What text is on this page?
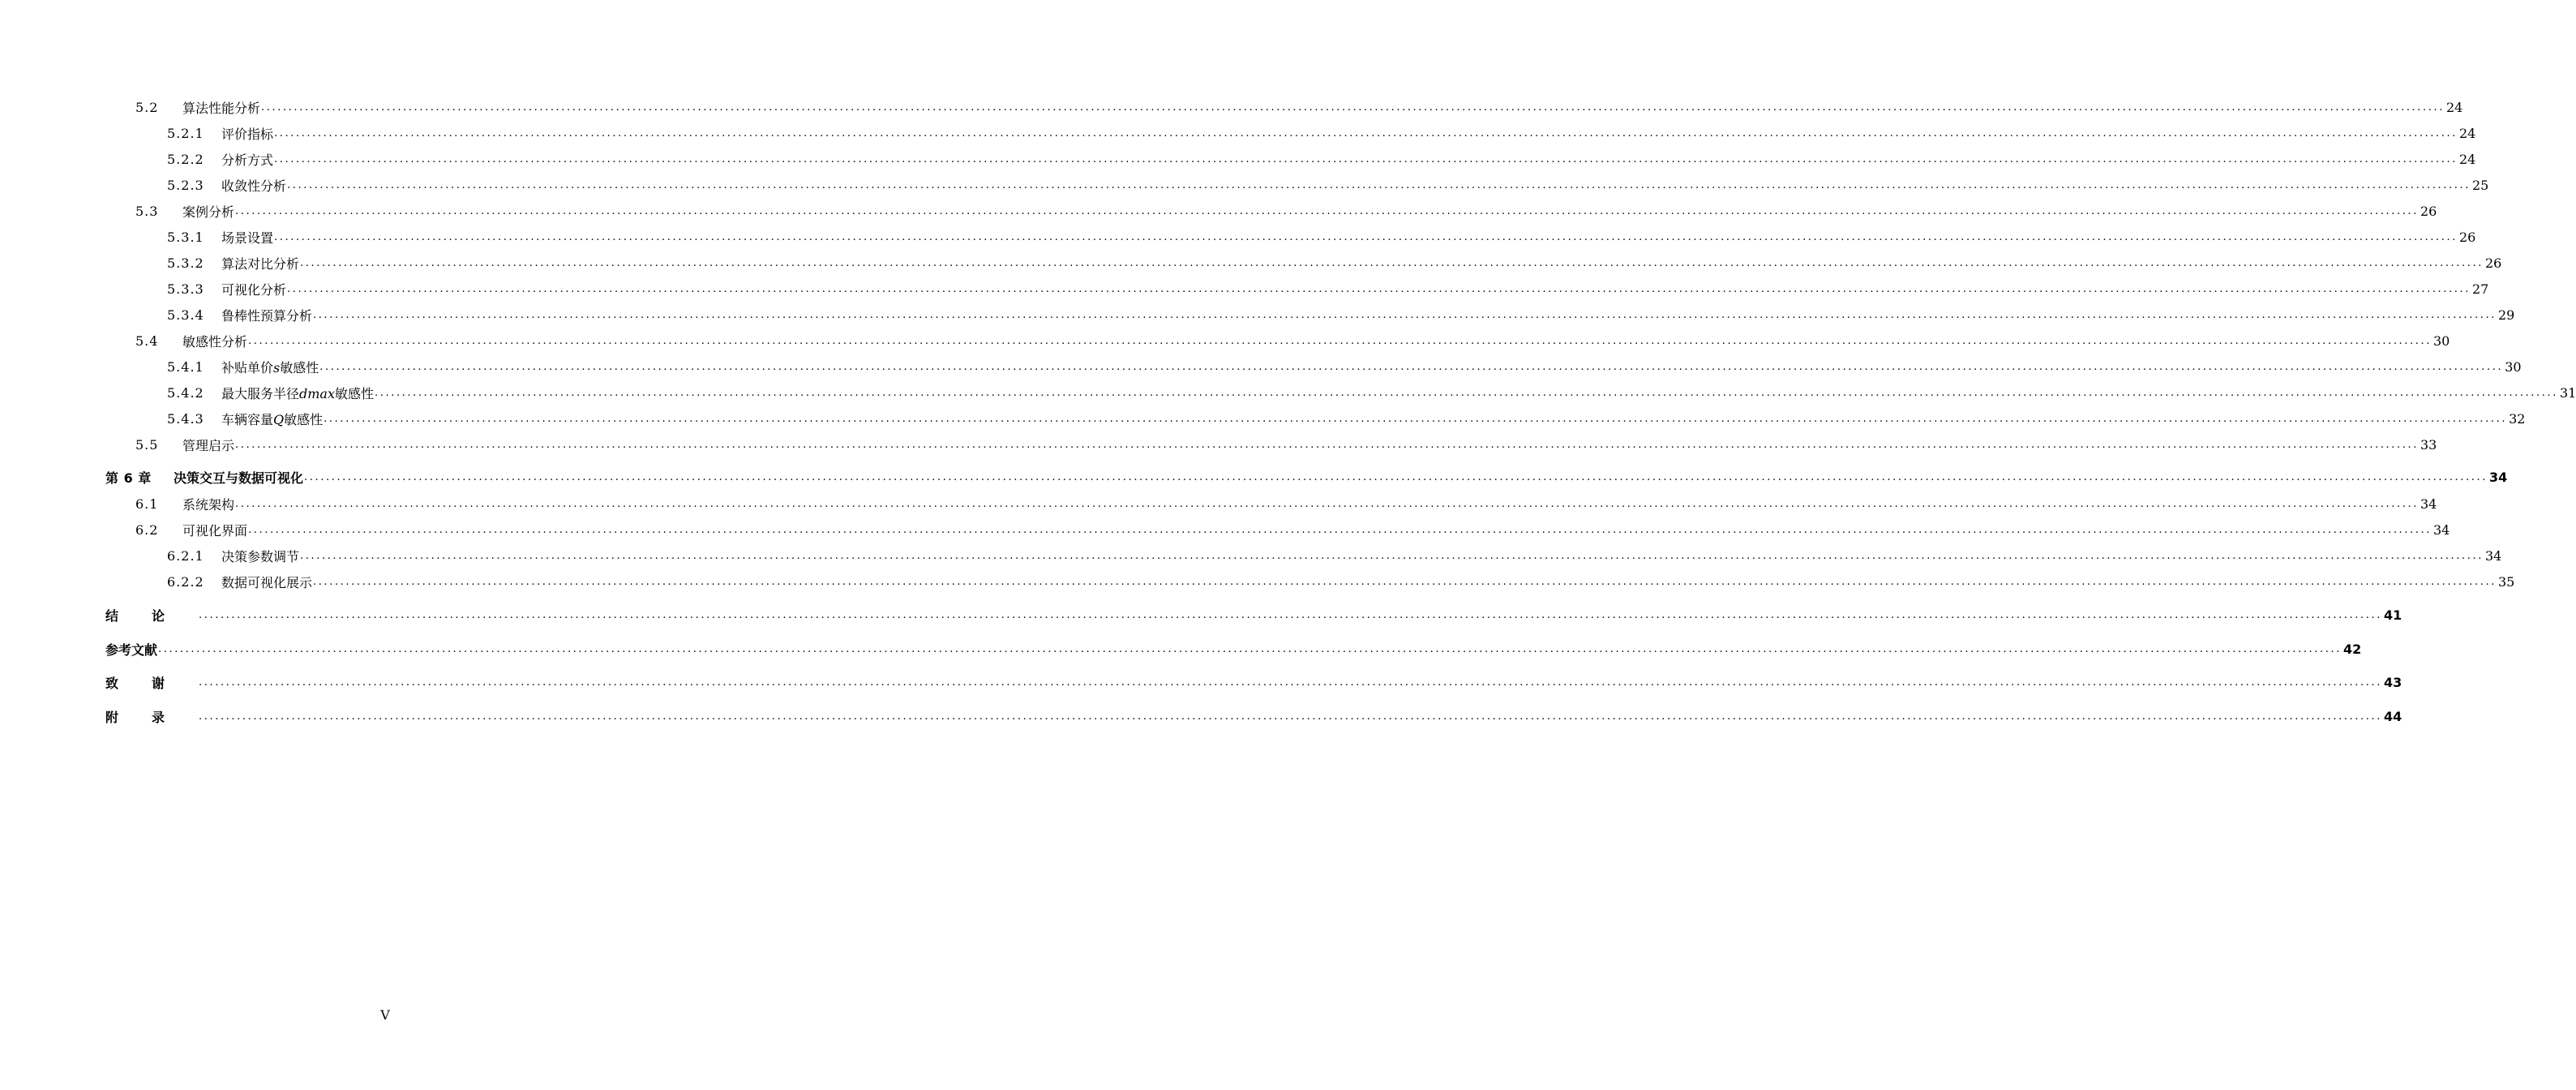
5.2	算法性能分析 ................................................................................................................................................................................................................................................................................................................................................................................................................ 24
5.2.1	评价指标 ................................................................................................................................................................................................................................................................................................................................................................................................................ 24
5.2.2	分析方式 ................................................................................................................................................................................................................................................................................................................................................................................................................ 24
5.2.3	收敛性分析 ................................................................................................................................................................................................................................................................................................................................................................................................................ 25
5.3	案例分析 ................................................................................................................................................................................................................................................................................................................................................................................................................ 26
5.3.1	场景设置 ................................................................................................................................................................................................................................................................................................................................................................................................................ 26
5.3.2	算法对比分析 ................................................................................................................................................................................................................................................................................................................................................................................................................ 26
5.3.3	可视化分析 ................................................................................................................................................................................................................................................................................................................................................................................................................ 27
5.3.4	鲁棒性预算分析 ................................................................................................................................................................................................................................................................................................................................................................................................................ 29
5.4	敏感性分析 ................................................................................................................................................................................................................................................................................................................................................................................................................ 30
5.4.1	补贴单价s敏感性 ................................................................................................................................................................................................................................................................................................................................................................................................................ 30
5.4.2	最大服务半径dmax敏感性 ................................................................................................................................................................................................................................................................................................................................................................................................................ 31
5.4.3	车辆容量Q敏感性 ................................................................................................................................................................................................................................................................................................................................................................................................................ 32
5.5	管理启示 ................................................................................................................................................................................................................................................................................................................................................................................................................ 33
第 6 章	决策交互与数据可视化 ................................................................................................................................................................................................................................................................................................................................................................................................................ 34
6.1	系统架构 ................................................................................................................................................................................................................................................................................................................................................................................................................ 34
6.2	可视化界面 ................................................................................................................................................................................................................................................................................................................................................................................................................ 34
6.2.1	决策参数调节 ................................................................................................................................................................................................................................................................................................................................................................................................................ 34
6.2.2	数据可视化展示 ................................................................................................................................................................................................................................................................................................................................................................................................................ 35
结论 ................................................................................................................................................................................................................................................................................................................................................................................................................ 41
参考文献 ................................................................................................................................................................................................................................................................................................................................................................................................................ 42
致谢 ................................................................................................................................................................................................................................................................................................................................................................................................................ 43
附录 ................................................................................................................................................................................................................................................................................................................................................................................................................ 44
V
